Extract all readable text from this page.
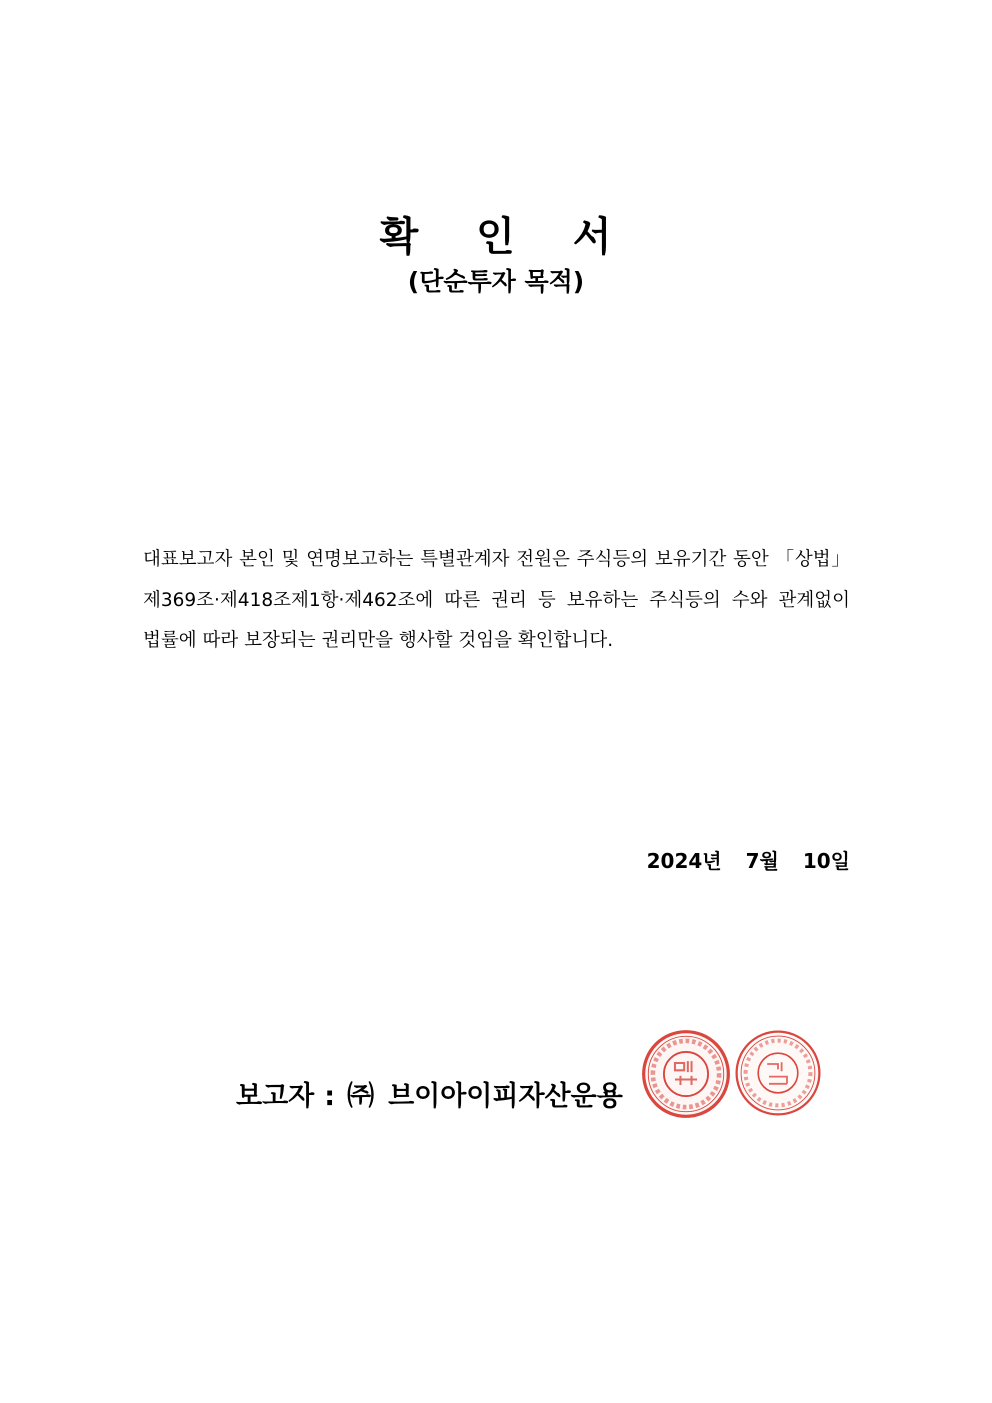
확 인 서
(단순투자 목적)

대표보고자 본인 및 연명보고하는 특별관계자 전원은 주식등의 보유기간 동안 「상법」제369조·제418조제1항·제462조에 따른 권리 등 보유하는 주식등의 수와 관계없이 법률에 따라 보장되는 권리만을 행사할 것임을 확인합니다.

2024년 7월 10일
보고자 : ㈜ 브이아이피자산운용
